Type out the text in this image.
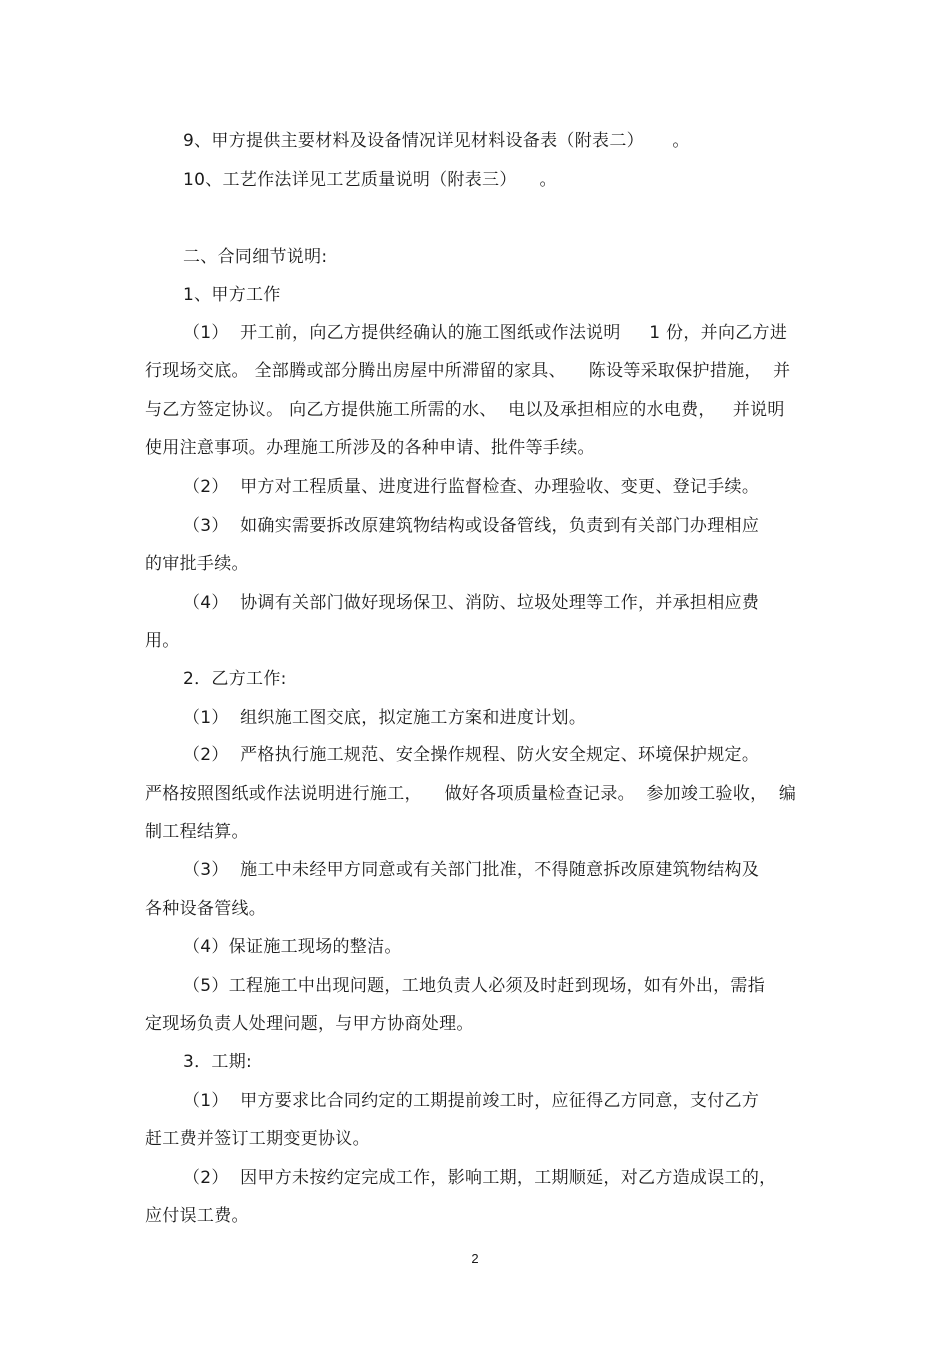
9、甲方提供主要材料及设备情况详见材料设备表（附表二）     。
10、工艺作法详见工艺质量说明（附表三）    。
二、合同细节说明:
1、甲方工作
（1）  开工前，向乙方提供经确认的施工图纸或作法说明     1 份，并向乙方进
行现场交底。 全部腾或部分腾出房屋中所滞留的家具、    陈设等采取保护措施，  并
与乙方签定协议。 向乙方提供施工所需的水、  电以及承担相应的水电费，   并说明
使用注意事项。办理施工所涉及的各种申请、批件等手续。
（2）  甲方对工程质量、进度进行监督检查、办理验收、变更、登记手续。
（3）  如确实需要拆改原建筑物结构或设备管线，负责到有关部门办理相应
的审批手续。
（4）  协调有关部门做好现场保卫、消防、垃圾处理等工作，并承担相应费
用。
2．乙方工作:
（1）  组织施工图交底，拟定施工方案和进度计划。
（2）  严格执行施工规范、安全操作规程、防火安全规定、环境保护规定。
严格按照图纸或作法说明进行施工，    做好各项质量检查记录。  参加竣工验收，  编
制工程结算。
（3）  施工中未经甲方同意或有关部门批准，不得随意拆改原建筑物结构及
各种设备管线。
（4）保证施工现场的整洁。
（5）工程施工中出现问题，工地负责人必须及时赶到现场，如有外出，需指
定现场负责人处理问题，与甲方协商处理。
3．工期:
（1）  甲方要求比合同约定的工期提前竣工时，应征得乙方同意，支付乙方
赶工费并签订工期变更协议。
（2）  因甲方未按约定完成工作，影响工期，工期顺延，对乙方造成误工的，
应付误工费。
2
